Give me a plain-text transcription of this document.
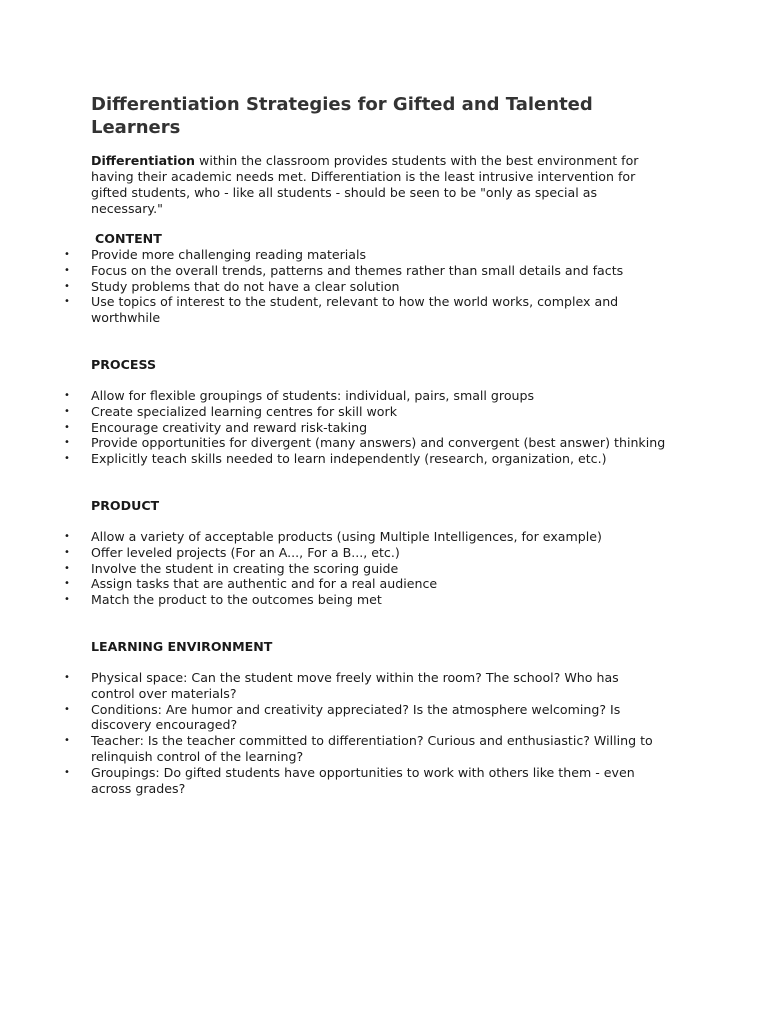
Differentiation Strategies for Gifted and Talented Learners

Differentiation within the classroom provides students with the best environment for having their academic needs met. Differentiation is the least intrusive intervention for gifted students, who - like all students - should be seen to be "only as special as necessary."

CONTENT
•	Provide more challenging reading materials
•	Focus on the overall trends, patterns and themes rather than small details and facts
•	Study problems that do not have a clear solution
•	Use topics of interest to the student, relevant to how the world works, complex and worthwhile
PROCESS
•	Allow for flexible groupings of students: individual, pairs, small groups
•	Create specialized learning centres for skill work
•	Encourage creativity and reward risk-taking
•	Provide opportunities for divergent (many answers) and convergent (best answer) thinking
•	Explicitly teach skills needed to learn independently (research, organization, etc.)
PRODUCT
•	Allow a variety of acceptable products (using Multiple Intelligences, for example)
•	Offer leveled projects (For an A..., For a B..., etc.)
•	Involve the student in creating the scoring guide
•	Assign tasks that are authentic and for a real audience
•	Match the product to the outcomes being met
LEARNING ENVIRONMENT
•	Physical space: Can the student move freely within the room? The school? Who has control over materials?
•	Conditions: Are humor and creativity appreciated? Is the atmosphere welcoming? Is discovery encouraged?
•	Teacher: Is the teacher committed to differentiation? Curious and enthusiastic? Willing to relinquish control of the learning?
•	Groupings: Do gifted students have opportunities to work with others like them - even across grades?
